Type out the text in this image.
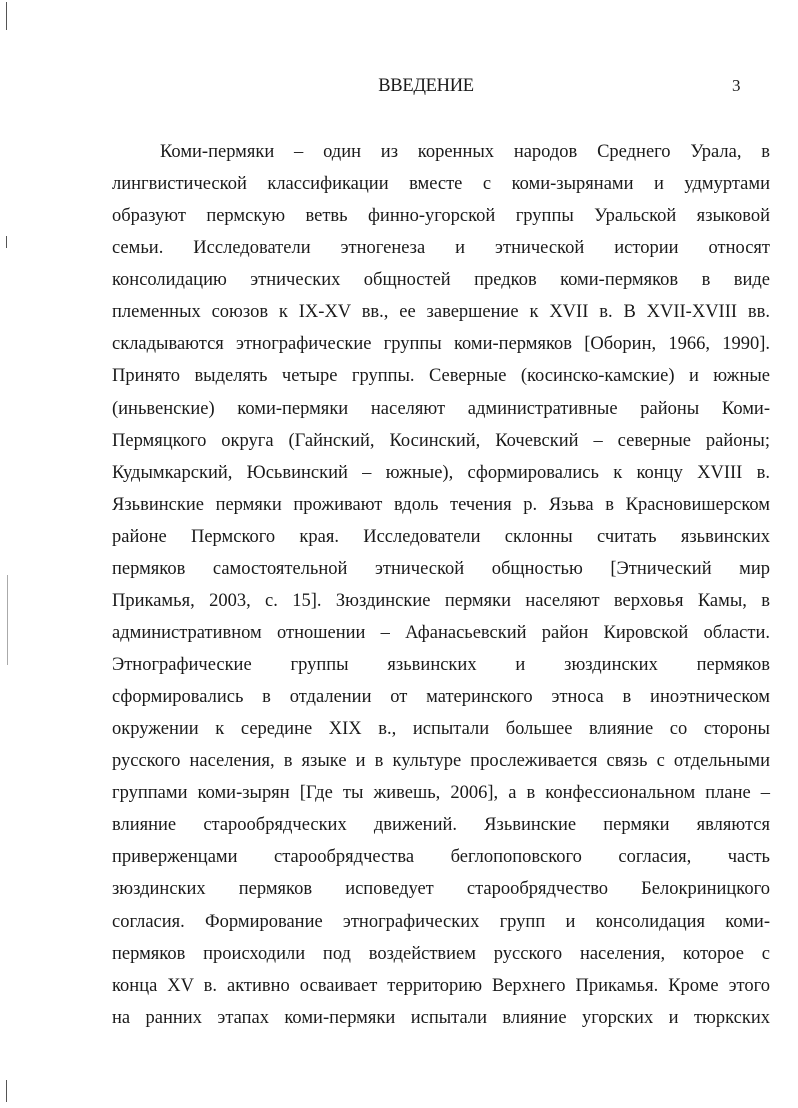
3
ВВЕДЕНИЕ
Коми-пермяки – один из коренных народов Среднего Урала, в
лингвистической классификации вместе с коми-зырянами и удмуртами
образуют пермскую ветвь финно-угорской группы Уральской языковой
семьи. Исследователи этногенеза и этнической истории относят
консолидацию этнических общностей предков коми-пермяков в виде
племенных союзов к IX-XV вв., ее завершение к XVII в. В XVII-XVIII вв.
складываются этнографические группы коми-пермяков [Оборин, 1966, 1990].
Принято выделять четыре группы. Северные (косинско-камские) и южные
(иньвенские) коми-пермяки населяют административные районы Коми-
Пермяцкого округа (Гайнский, Косинский, Кочевский – северные районы;
Кудымкарский, Юсьвинский – южные), сформировались к концу XVIII в.
Язьвинские пермяки проживают вдоль течения р. Язьва в Красновишерском
районе Пермского края. Исследователи склонны считать язьвинских
пермяков самостоятельной этнической общностью [Этнический мир
Прикамья, 2003, с. 15]. Зюздинские пермяки населяют верховья Камы, в
административном отношении – Афанасьевский район Кировской области.
Этнографические группы язьвинских и зюздинских пермяков
сформировались в отдалении от материнского этноса в иноэтническом
окружении к середине XIX в., испытали большее влияние со стороны
русского населения, в языке и в культуре прослеживается связь с отдельными
группами коми-зырян [Где ты живешь, 2006], а в конфессиональном плане –
влияние старообрядческих движений. Язьвинские пермяки являются
приверженцами старообрядчества беглопоповского согласия, часть
зюздинских пермяков исповедует старообрядчество Белокриницкого
согласия. Формирование этнографических групп и консолидация коми-
пермяков происходили под воздействием русского населения, которое с
конца XV в. активно осваивает территорию Верхнего Прикамья. Кроме этого
на ранних этапах коми-пермяки испытали влияние угорских и тюркских
